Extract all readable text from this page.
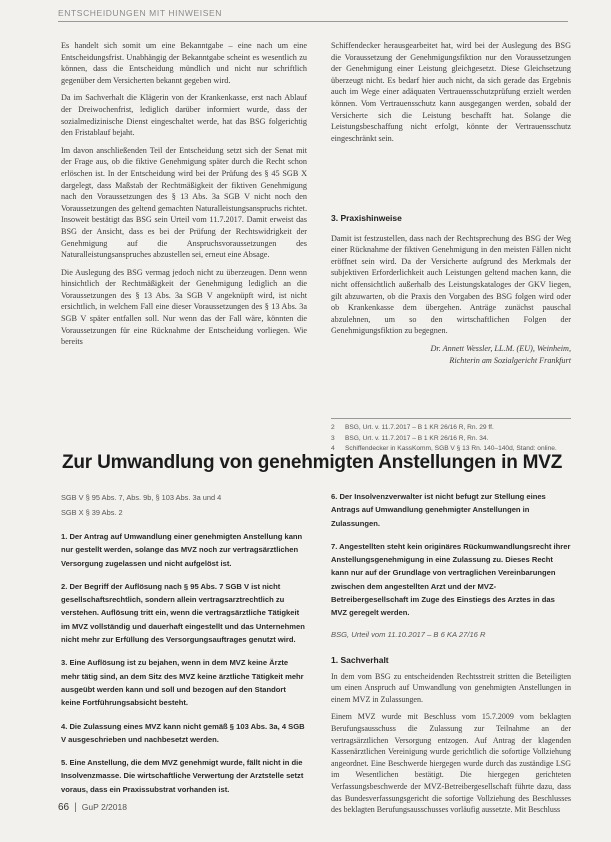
ENTSCHEIDUNGEN MIT HINWEISEN

Es handelt sich somit um eine Bekanntgabe – eine nach um eine Entscheidungsfrist. Unabhängig der Bekanntgabe scheint es wesentlich zu können, dass die Entscheidung mündlich und nicht nur schriftlich gegenüber dem Versicherten bekannt gegeben wird.

Da im Sachverhalt die Klägerin von der Krankenkasse, erst nach Ablauf der Dreiwochenfrist, lediglich darüber informiert wurde, dass der sozialmedizinische Dienst eingeschaltet werde, hat das BSG folgerichtig den Fristablauf bejaht.

Im davon anschließenden Teil der Entscheidung setzt sich der Senat mit der Frage aus, ob die fiktive Genehmigung später durch die Recht schon erlöschen ist. In der Entscheidung wird bei der Prüfung des § 45 SGB X dargelegt, dass Maßstab der Rechtmäßigkeit der fiktiven Genehmigung nach den Voraussetzungen des § 13 Abs. 3a SGB V nicht noch den Voraussetzungen des geltend gemachten Naturalleistungsanspruchs richtet. Insoweit bestätigt das BSG sein Urteil vom 11.7.2017. Damit erweist das BSG der Ansicht, dass es bei der Prüfung der Rechtswidrigkeit der Genehmigung auf die Anspruchsvoraussetzungen des Naturalleistungsanspruches abzustellen sei, erneut eine Absage.

Die Auslegung des BSG vermag jedoch nicht zu überzeugen. Denn wenn hinsichtlich der Rechtmäßigkeit der Genehmigung lediglich an die Voraussetzungen des § 13 Abs. 3a SGB V angeknüpft wird, ist nicht ersichtlich, in welchem Fall eine dieser Voraussetzungen des § 13 Abs. 3a SGB V später entfallen soll. Nur wenn das der Fall wäre, könnten die Voraussetzungen für eine Rücknahme der Entscheidung vorliegen. Wie bereits

Schiffendecker herausgearbeitet hat, wird bei der Auslegung des BSG die Voraussetzung der Genehmigungsfiktion nur den Voraussetzungen der Genehmigung einer Leistung gleichgesetzt. Diese Gleichsetzung überzeugt nicht. Es bedarf hier auch nicht, da sich gerade das Ergebnis auch im Wege einer adäquaten Vertrauensschutzprüfung erzielt werden können. Vom Vertrauensschutz kann ausgegangen werden, sobald der Versicherte sich die Leistung beschafft hat. Solange die Leistungsbeschaffung nicht erfolgt, könnte der Vertrauensschutz eingeschränkt sein.

3. Praxishinweise

Damit ist festzustellen, dass nach der Rechtsprechung des BSG der Weg einer Rücknahme der fiktiven Genehmigung in den meisten Fällen nicht eröffnet sein wird. Da der Versicherte aufgrund des Merkmals der subjektiven Erforderlichkeit auch Leistungen geltend machen kann, die nicht offensichtlich außerhalb des Leistungskataloges der GKV liegen, gilt abzuwarten, ob die Praxis den Vorgaben des BSG folgen wird oder ob Krankenkasse dem übergehen. Anträge zunächst pauschal abzulehnen, um so den wirtschaftlichen Folgen der Genehmigungsfiktion zu begegnen.

Dr. Annett Wessler, LL.M. (EU), Weinheim,
Richterin am Sozialgericht Frankfurt
2	BSG, Urt. v. 11.7.2017 – B 1 KR 26/16 R, Rn. 29 ff.
3	BSG, Urt. v. 11.7.2017 – B 1 KR 26/16 R, Rn. 34.
4	Schiffendecker in KassKomm, SGB V § 13 Rn. 140–140d, Stand: online.
Zur Umwandlung von genehmigten Anstellungen in MVZ
SGB V § 95 Abs. 7, Abs. 9b, § 103 Abs. 3a und 4
SGB X § 39 Abs. 2

1. Der Antrag auf Umwandlung einer genehmigten Anstellung kann nur gestellt werden, solange das MVZ noch zur vertragsärztlichen Versorgung zugelassen und nicht aufgelöst ist.

2. Der Begriff der Auflösung nach § 95 Abs. 7 SGB V ist nicht gesellschaftsrechtlich, sondern allein vertragsarztrechtlich zu verstehen. Auflösung tritt ein, wenn die vertragsärztliche Tätigkeit im MVZ vollständig und dauerhaft eingestellt und das Unternehmen nicht mehr zur Erfüllung des Versorgungsauftrages genutzt wird.

3. Eine Auflösung ist zu bejahen, wenn in dem MVZ keine Ärzte mehr tätig sind, an dem Sitz des MVZ keine ärztliche Tätigkeit mehr ausgeübt werden kann und soll und bezogen auf den Standort keine Fortführungsabsicht besteht.

4. Die Zulassung eines MVZ kann nicht gemäß § 103 Abs. 3a, 4 SGB V ausgeschrieben und nachbesetzt werden.

5. Eine Anstellung, die dem MVZ genehmigt wurde, fällt nicht in die Insolvenzmasse. Die wirtschaftliche Verwertung der Arztstelle setzt voraus, dass ein Praxissubstrat vorhanden ist.

6. Der Insolvenzverwalter ist nicht befugt zur Stellung eines Antrags auf Umwandlung genehmigter Anstellungen in Zulassungen.

7. Angestellten steht kein originäres Rückumwandlungsrecht ihrer Anstellungsgenehmigung in eine Zulassung zu. Dieses Recht kann nur auf der Grundlage von vertraglichen Vereinbarungen zwischen dem angestellten Arzt und der MVZ-Betreibergesellschaft im Zuge des Einstiegs des Arztes in das MVZ geregelt werden.

BSG, Urteil vom 11.10.2017 – B 6 KA 27/16 R

1. Sachverhalt

In dem vom BSG zu entscheidenden Rechtsstreit stritten die Beteiligten um einen Anspruch auf Umwandlung von genehmigten Anstellungen in einem MVZ in Zulassungen.

Einem MVZ wurde mit Beschluss vom 15.7.2009 vom beklagten Berufungsausschuss die Zulassung zur Teilnahme an der vertragsärztlichen Versorgung entzogen. Auf Antrag der klagenden Kassenärztlichen Vereinigung wurde gerichtlich die sofortige Vollziehung angeordnet. Eine Beschwerde hiergegen wurde durch das zuständige LSG im Wesentlichen bestätigt. Die hiergegen gerichteten Verfassungsbeschwerde der MVZ-Betreibergesellschaft führte dazu, dass das Bundesverfassungsgericht die sofortige Vollziehung des Beschlusses des beklagten Berufungsausschusses vorläufig aussetzte. Mit Beschluss

66 | GuP 2/2018
